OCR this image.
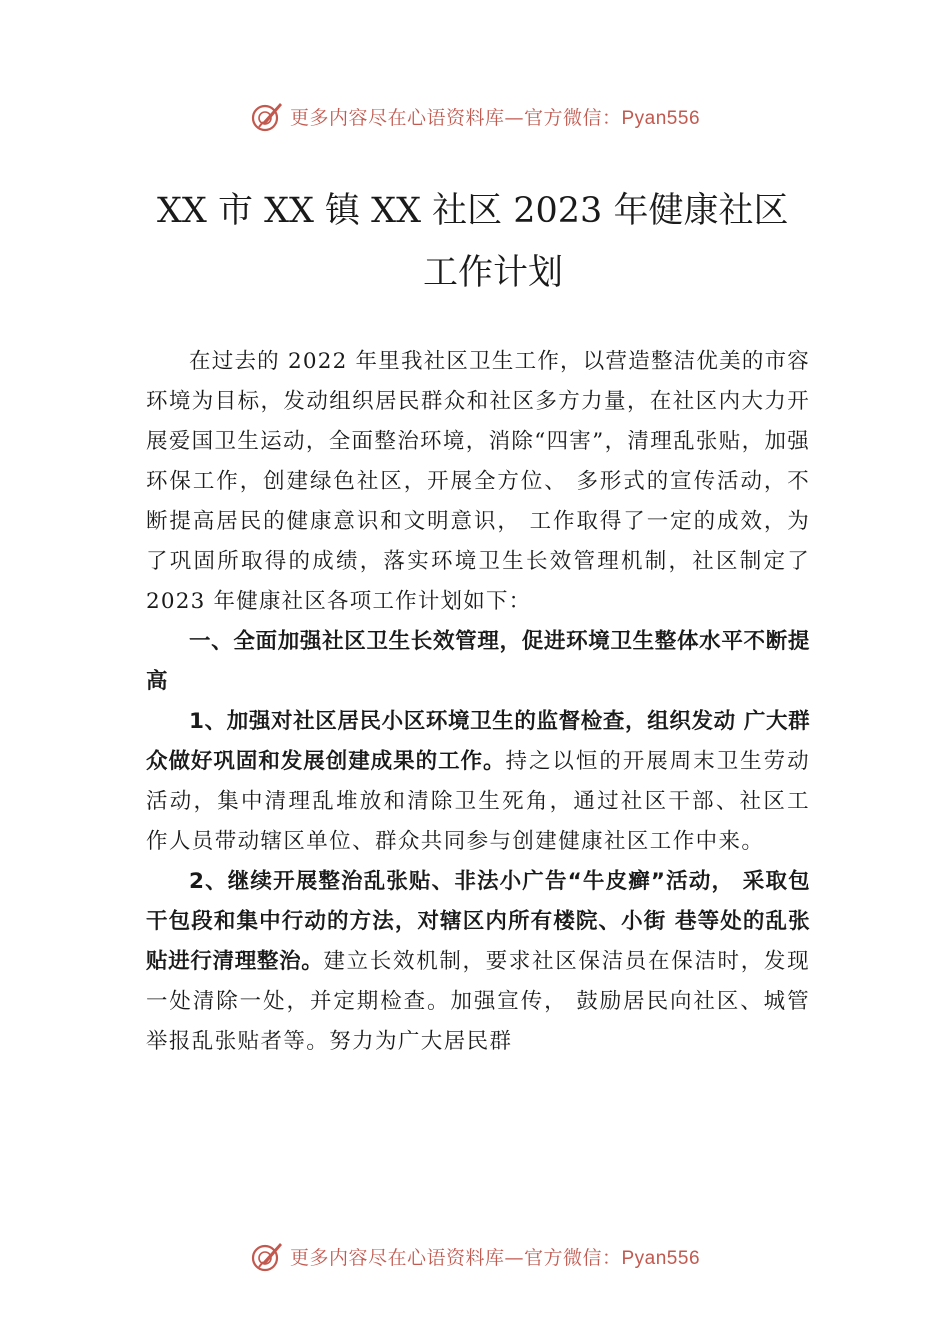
更多内容尽在心语资料库—官方微信：Pyan556
XX 市 XX 镇 XX 社区 2023 年健康社区
工作计划

在过去的 2022 年里我社区卫生工作，以营造整洁优美的市容环境为目标，发动组织居民群众和社区多方力量，在社区内大力开展爱国卫生运动，全面整治环境，消除“四害”，清理乱张贴，加强环保工作，创建绿色社区，开展全方位、 多形式的宣传活动，不断提高居民的健康意识和文明意识， 工作取得了一定的成效，为了巩固所取得的成绩，落实环境卫生长效管理机制，社区制定了 2023 年健康社区各项工作计划如下：

一、全面加强社区卫生长效管理，促进环境卫生整体水平不断提高

1、加强对社区居民小区环境卫生的监督检查，组织发动 广大群众做好巩固和发展创建成果的工作。持之以恒的开展周末卫生劳动活动，集中清理乱堆放和清除卫生死角，通过社区干部、社区工作人员带动辖区单位、群众共同参与创建健康社区工作中来。

2、继续开展整治乱张贴、非法小广告“牛皮癣”活动， 采取包干包段和集中行动的方法，对辖区内所有楼院、小街 巷等处的乱张贴进行清理整治。建立长效机制，要求社区保洁员在保洁时，发现一处清除一处，并定期检查。加强宣传， 鼓励居民向社区、城管举报乱张贴者等。努力为广大居民群

更多内容尽在心语资料库—官方微信：Pyan556
